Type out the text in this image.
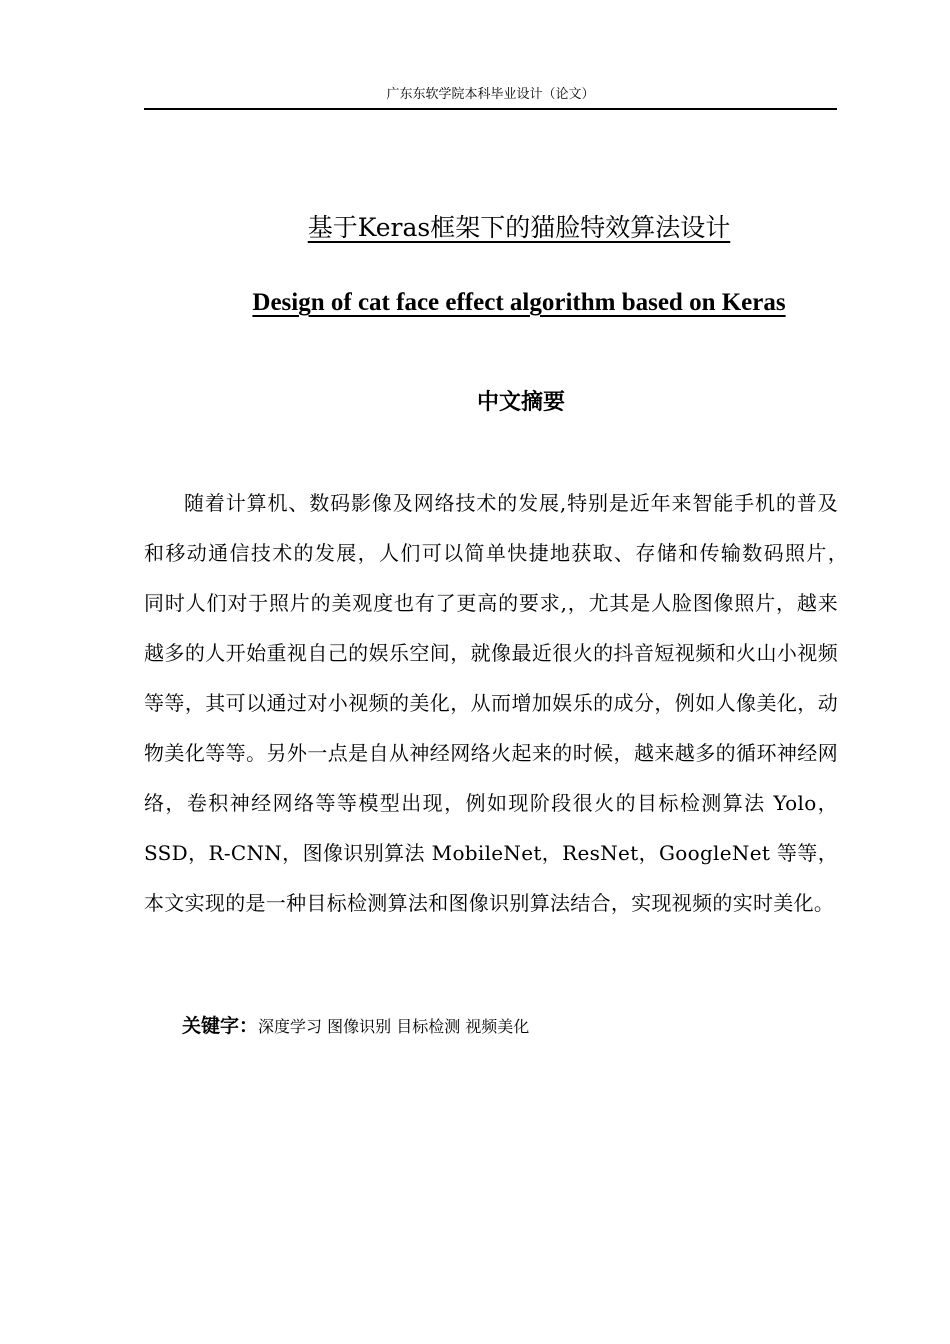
广东东软学院本科毕业设计（论文）
基于Keras框架下的猫脸特效算法设计
Design of cat face effect algorithm based on Keras
中文摘要

随着计算机、数码影像及网络技术的发展,特别是近年来智能手机的普及和移动通信技术的发展，人们可以简单快捷地获取、存储和传输数码照片，　同时人们对于照片的美观度也有了更高的要求,，尤其是人脸图像照片，越来越多的人开始重视自己的娱乐空间，就像最近很火的抖音短视频和火山小视频等等，其可以通过对小视频的美化，从而增加娱乐的成分，例如人像美化，动物美化等等。另外一点是自从神经网络火起来的时候，越来越多的循环神经网络，卷积神经网络等等模型出现，例如现阶段很火的目标检测算法 Yolo，SSD，R-CNN，图像识别算法 MobileNet，ResNet，GoogleNet 等等，本文实现的是一种目标检测算法和图像识别算法结合，实现视频的实时美化。

关键字：深度学习 图像识别 目标检测 视频美化
